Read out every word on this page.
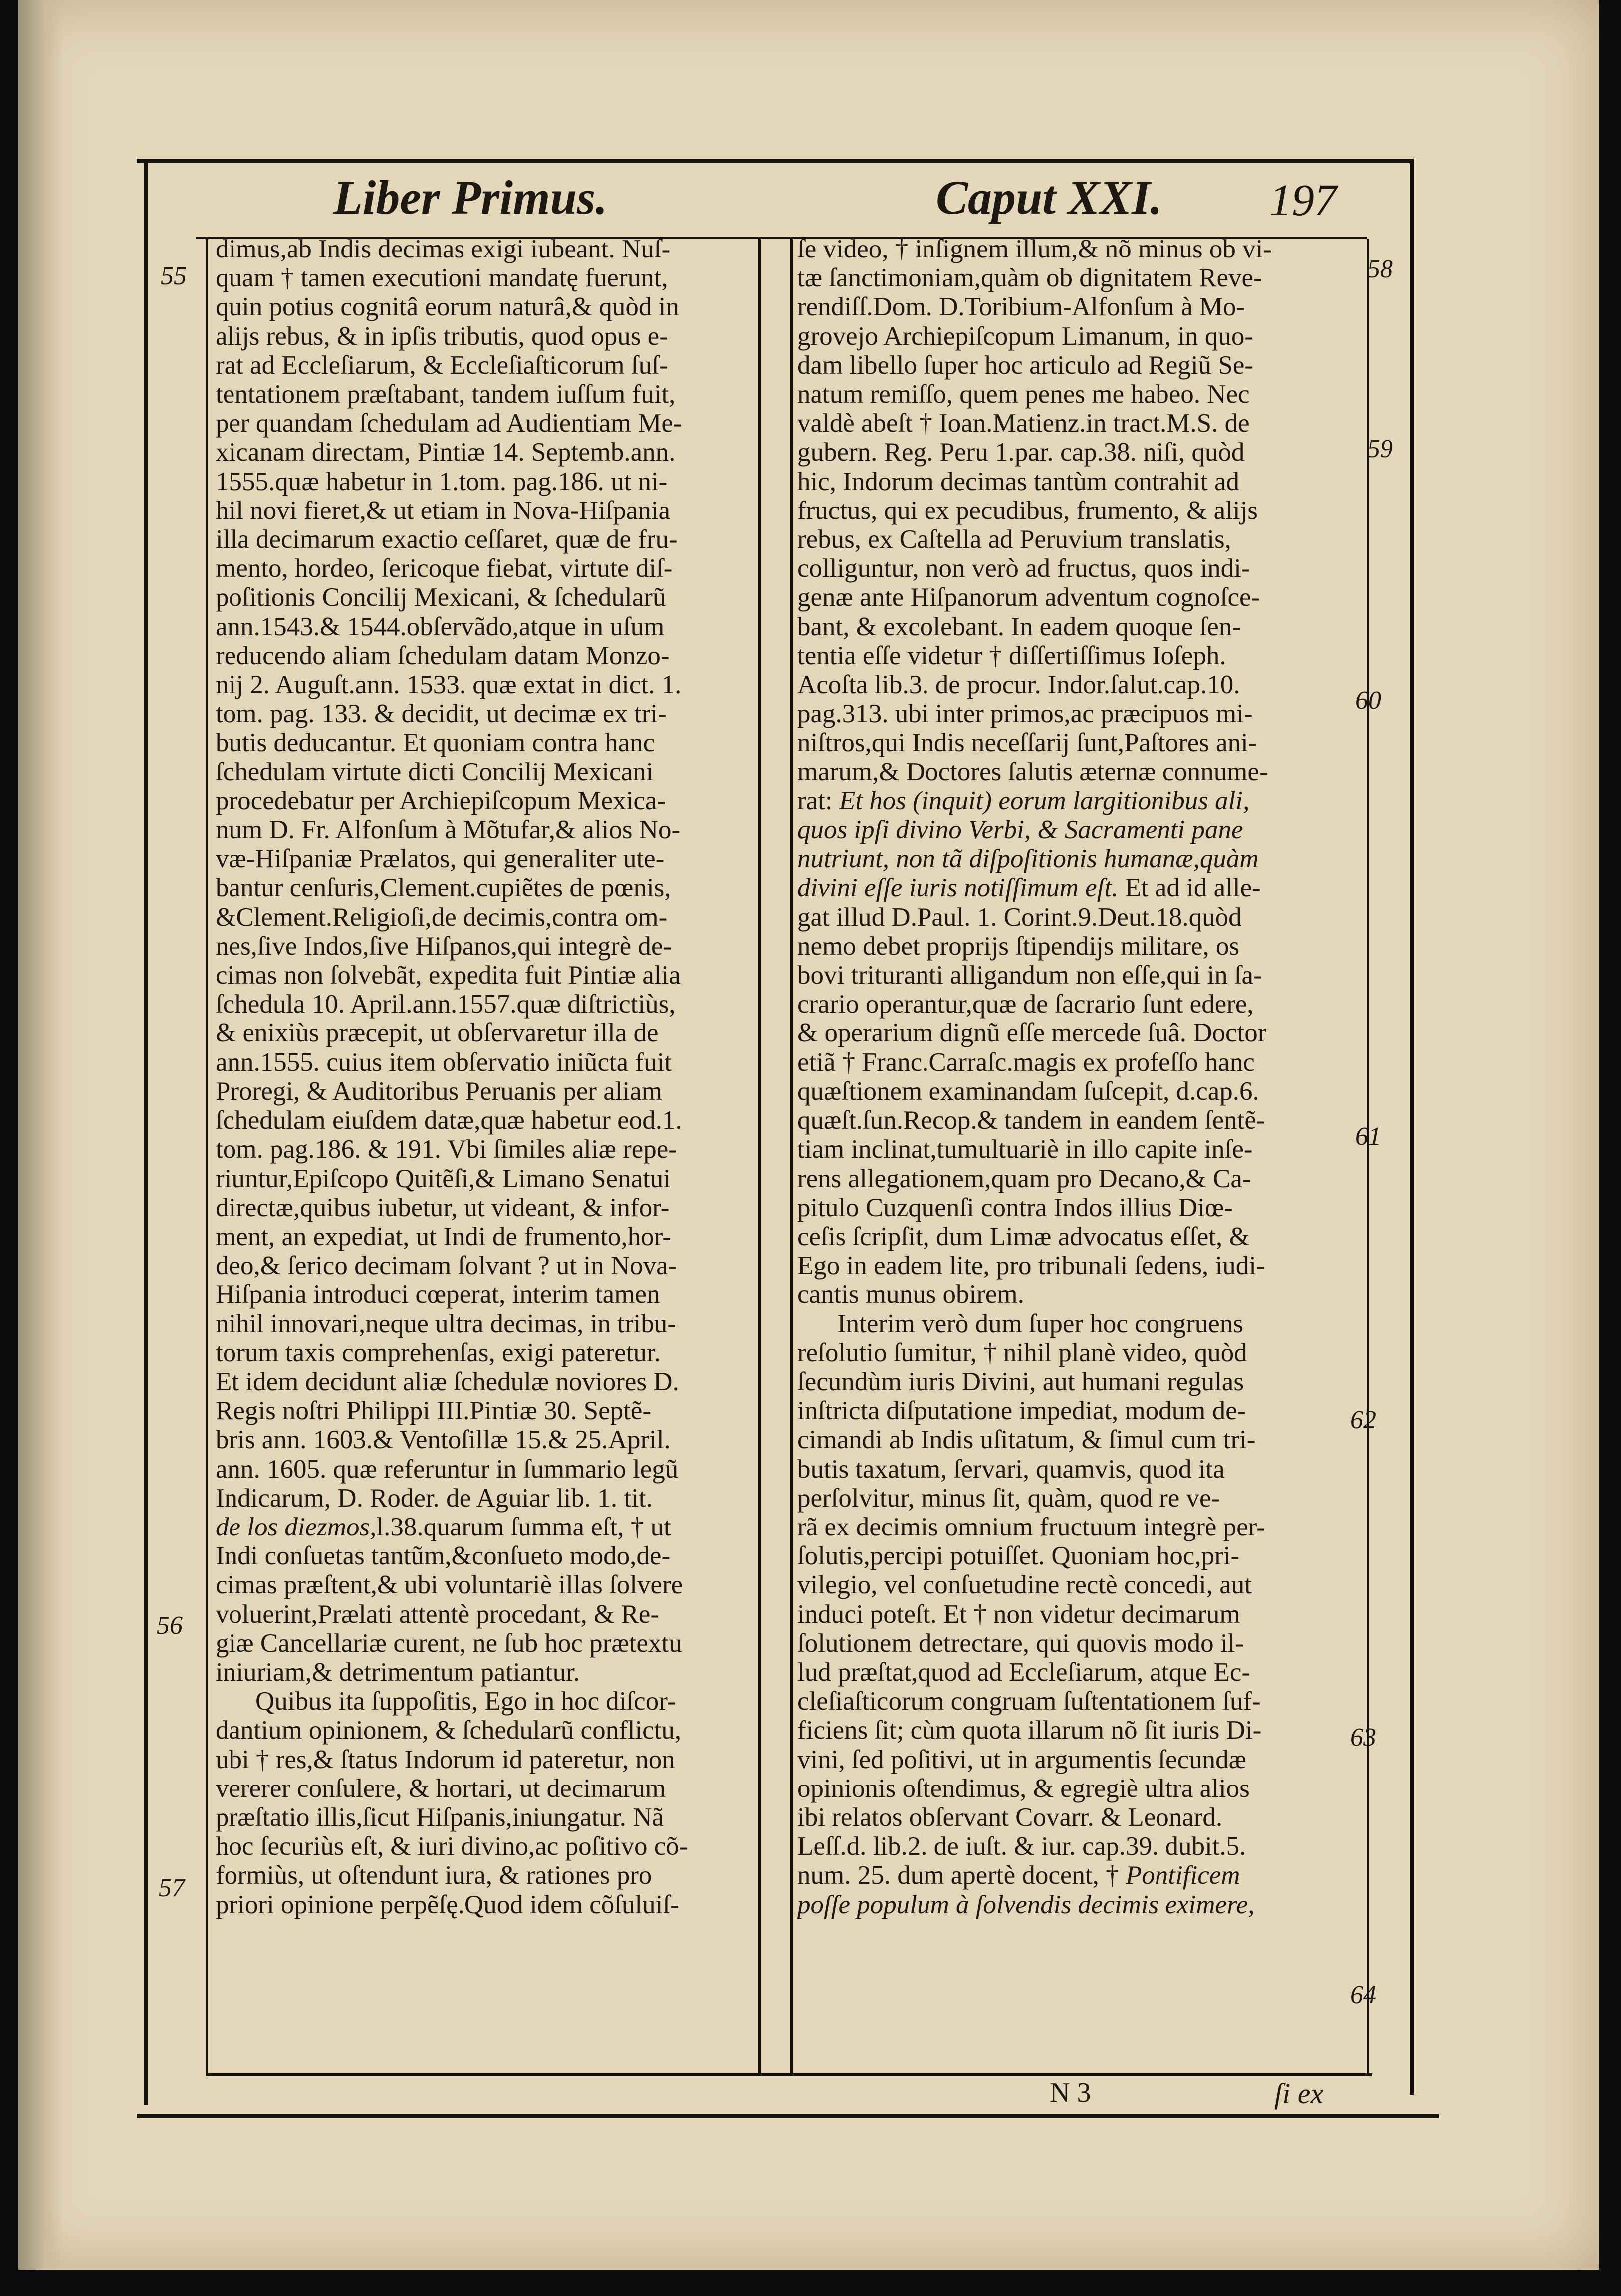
Liber Primus.	Caput XXI. 197
dimus,ab Indis decimas exigi iubeant. Nuſ-
quam † tamen executioni mandatę fuerunt,
quin potius cognitâ eorum naturâ,& quòd in
alijs rebus, & in ipſis tributis, quod opus e-
rat ad Eccleſiarum, & Eccleſiaſticorum ſuſ-
tentationem præſtabant, tandem iuſſum fuit,
per quandam ſchedulam ad Audientiam Me-
xicanam directam, Pintiæ 14. Septemb.ann.
1555.quæ habetur in 1.tom. pag.186. ut ni-
hil novi fieret,& ut etiam in Nova-Hiſpania
illa decimarum exactio ceſſaret, quæ de fru-
mento, hordeo, ſericoque fiebat, virtute diſ-
poſitionis Concilij Mexicani, & ſchedularũ
ann.1543.& 1544.obſervãdo,atque in uſum
reducendo aliam ſchedulam datam Monzo-
nij 2. Auguſt.ann. 1533. quæ extat in dict. 1.
tom. pag. 133. & decidit, ut decimæ ex tri-
butis deducantur. Et quoniam contra hanc
ſchedulam virtute dicti Concilij Mexicani
procedebatur per Archiepiſcopum Mexica-
num D. Fr. Alfonſum à Mõtufar,& alios No-
væ-Hiſpaniæ Prælatos, qui generaliter ute-
bantur cenſuris,Clement.cupiẽtes de pœnis,
&Clement.Religioſi,de decimis,contra om-
nes,ſive Indos,ſive Hiſpanos,qui integrè de-
cimas non ſolvebãt, expedita fuit Pintiæ alia
ſchedula 10. April.ann.1557.quæ diſtrictiùs,
& enixiùs præcepit, ut obſervaretur illa de
ann.1555. cuius item obſervatio iniũcta fuit
Proregi, & Auditoribus Peruanis per aliam
ſchedulam eiuſdem datæ,quæ habetur eod.1.
tom. pag.186. & 191. Vbi ſimiles aliæ repe-
riuntur,Epiſcopo Quitẽſi,& Limano Senatui
directæ,quibus iubetur, ut videant, & infor-
ment, an expediat, ut Indi de frumento,hor-
deo,& ſerico decimam ſolvant ? ut in Nova-
Hiſpania introduci cœperat, interim tamen
nihil innovari,neque ultra decimas, in tribu-
torum taxis comprehenſas, exigi pateretur.
Et idem decidunt aliæ ſchedulæ noviores D.
Regis noſtri Philippi III.Pintiæ 30. Septẽ-
bris ann. 1603.& Ventoſillæ 15.& 25.April.
ann. 1605. quæ referuntur in ſummario legũ
Indicarum, D. Roder. de Aguiar lib. 1. tit.
de los diezmos,l.38.quarum ſumma eſt, † ut
Indi conſuetas tantũm,&conſueto modo,de-
cimas præſtent,& ubi voluntariè illas ſolvere
voluerint,Prælati attentè procedant, & Re-
giæ Cancellariæ curent, ne ſub hoc prætextu
iniuriam,& detrimentum patiantur.
Quibus ita ſuppoſitis, Ego in hoc diſcor-
dantium opinionem, & ſchedularũ conflictu,
ubi † res,& ſtatus Indorum id pateretur, non
vererer conſulere, & hortari, ut decimarum
præſtatio illis,ſicut Hiſpanis,iniungatur. Nã
hoc ſecuriùs eſt, & iuri divino,ac poſitivo cõ-
formiùs, ut oſtendunt iura, & rationes pro
priori opinione perpẽſę.Quod idem cõſuluiſ-
ſe video, † inſignem illum,& nõ minus ob vi-
tæ ſanctimoniam,quàm ob dignitatem Reve-
rendiſſ.Dom. D.Toribium-Alfonſum à Mo-
grovejo Archiepiſcopum Limanum, in quo-
dam libello ſuper hoc articulo ad Regiũ Se-
natum remiſſo, quem penes me habeo. Nec
valdè abeſt † Ioan.Matienz.in tract.M.S. de
gubern. Reg. Peru 1.par. cap.38. niſi, quòd
hic, Indorum decimas tantùm contrahit ad
fructus, qui ex pecudibus, frumento, & alijs
rebus, ex Caſtella ad Peruvium translatis,
colliguntur, non verò ad fructus, quos indi-
genæ ante Hiſpanorum adventum cognoſce-
bant, & excolebant. In eadem quoque ſen-
tentia eſſe videtur † diſſertiſſimus Ioſeph.
Acoſta lib.3. de procur. Indor.ſalut.cap.10.
pag.313. ubi inter primos,ac præcipuos mi-
niſtros,qui Indis neceſſarij ſunt,Paſtores ani-
marum,& Doctores ſalutis æternæ connume-
rat: Et hos (inquit) eorum largitionibus ali,
quos ipſi divino Verbi, & Sacramenti pane
nutriunt, non tã diſpoſitionis humanæ,quàm
divini eſſe iuris notiſſimum eſt. Et ad id alle-
gat illud D.Paul. 1. Corint.9.Deut.18.quòd
nemo debet proprijs ſtipendijs militare, os
bovi trituranti alligandum non eſſe,qui in ſa-
crario operantur,quæ de ſacrario ſunt edere,
& operarium dignũ eſſe mercede ſuâ. Doctor
etiã † Franc.Carraſc.magis ex profeſſo hanc
quæſtionem examinandam ſuſcepit, d.cap.6.
quæſt.ſun.Recop.& tandem in eandem ſentẽ-
tiam inclinat,tumultuariè in illo capite inſe-
rens allegationem,quam pro Decano,& Ca-
pitulo Cuzquenſi contra Indos illius Diœ-
ceſis ſcripſit, dum Limæ advocatus eſſet, &
Ego in eadem lite, pro tribunali ſedens, iudi-
cantis munus obirem.
Interim verò dum ſuper hoc congruens
reſolutio ſumitur, † nihil planè video, quòd
ſecundùm iuris Divini, aut humani regulas
inſtricta diſputatione impediat, modum de-
cimandi ab Indis uſitatum, & ſimul cum tri-
butis taxatum, ſervari, quamvis, quod ita
perſolvitur, minus ſit, quàm, quod re ve-
rã ex decimis omnium fructuum integrè per-
ſolutis,percipi potuiſſet. Quoniam hoc,pri-
vilegio, vel conſuetudine rectè concedi, aut
induci poteſt. Et † non videtur decimarum
ſolutionem detrectare, qui quovis modo il-
lud præſtat,quod ad Eccleſiarum, atque Ec-
cleſiaſticorum congruam ſuſtentationem ſuf-
ficiens ſit; cùm quota illarum nõ ſit iuris Di-
vini, ſed poſitivi, ut in argumentis ſecundæ
opinionis oſtendimus, & egregiè ultra alios
ibi relatos obſervant Covarr. & Leonard.
Leſſ.d. lib.2. de iuſt. & iur. cap.39. dubit.5.
num. 25. dum apertè docent, † Pontificem
poſſe populum à ſolvendis decimis eximere,
55
56
57
58
59
60
61
62
63
64
N 3	ſi ex
